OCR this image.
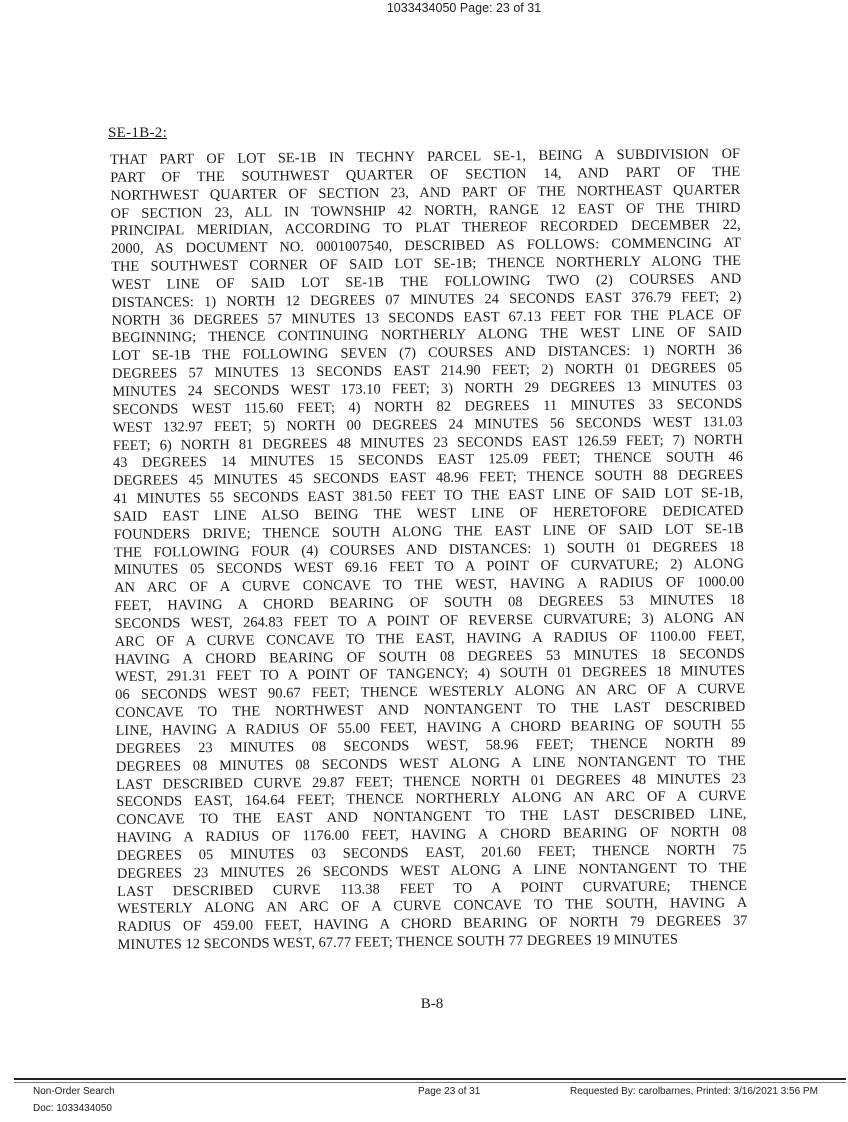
1033434050 Page: 23 of 31
SE-1B-2:
THAT PART OF LOT SE-1B IN TECHNY PARCEL SE-1, BEING A SUBDIVISION OF
PART OF THE SOUTHWEST QUARTER OF SECTION 14, AND PART OF THE
NORTHWEST QUARTER OF SECTION 23, AND PART OF THE NORTHEAST QUARTER
OF SECTION 23, ALL IN TOWNSHIP 42 NORTH, RANGE 12 EAST OF THE THIRD
PRINCIPAL MERIDIAN, ACCORDING TO PLAT THEREOF RECORDED DECEMBER 22,
2000, AS DOCUMENT NO. 0001007540, DESCRIBED AS FOLLOWS: COMMENCING AT
THE SOUTHWEST CORNER OF SAID LOT SE-1B; THENCE NORTHERLY ALONG THE
WEST LINE OF SAID LOT SE-1B THE FOLLOWING TWO (2) COURSES AND
DISTANCES: 1) NORTH 12 DEGREES 07 MINUTES 24 SECONDS EAST 376.79 FEET; 2)
NORTH 36 DEGREES 57 MINUTES 13 SECONDS EAST 67.13 FEET FOR THE PLACE OF
BEGINNING; THENCE CONTINUING NORTHERLY ALONG THE WEST LINE OF SAID
LOT SE-1B THE FOLLOWING SEVEN (7) COURSES AND DISTANCES: 1) NORTH 36
DEGREES 57 MINUTES 13 SECONDS EAST 214.90 FEET; 2) NORTH 01 DEGREES 05
MINUTES 24 SECONDS WEST 173.10 FEET; 3) NORTH 29 DEGREES 13 MINUTES 03
SECONDS WEST 115.60 FEET; 4) NORTH 82 DEGREES 11 MINUTES 33 SECONDS
WEST 132.97 FEET; 5) NORTH 00 DEGREES 24 MINUTES 56 SECONDS WEST 131.03
FEET; 6) NORTH 81 DEGREES 48 MINUTES 23 SECONDS EAST 126.59 FEET; 7) NORTH
43 DEGREES 14 MINUTES 15 SECONDS EAST 125.09 FEET; THENCE SOUTH 46
DEGREES 45 MINUTES 45 SECONDS EAST 48.96 FEET; THENCE SOUTH 88 DEGREES
41 MINUTES 55 SECONDS EAST 381.50 FEET TO THE EAST LINE OF SAID LOT SE-1B,
SAID EAST LINE ALSO BEING THE WEST LINE OF HERETOFORE DEDICATED
FOUNDERS DRIVE; THENCE SOUTH ALONG THE EAST LINE OF SAID LOT SE-1B
THE FOLLOWING FOUR (4) COURSES AND DISTANCES: 1) SOUTH 01 DEGREES 18
MINUTES 05 SECONDS WEST 69.16 FEET TO A POINT OF CURVATURE; 2) ALONG
AN ARC OF A CURVE CONCAVE TO THE WEST, HAVING A RADIUS OF 1000.00
FEET, HAVING A CHORD BEARING OF SOUTH 08 DEGREES 53 MINUTES 18
SECONDS WEST, 264.83 FEET TO A POINT OF REVERSE CURVATURE; 3) ALONG AN
ARC OF A CURVE CONCAVE TO THE EAST, HAVING A RADIUS OF 1100.00 FEET,
HAVING A CHORD BEARING OF SOUTH 08 DEGREES 53 MINUTES 18 SECONDS
WEST, 291.31 FEET TO A POINT OF TANGENCY; 4) SOUTH 01 DEGREES 18 MINUTES
06 SECONDS WEST 90.67 FEET; THENCE WESTERLY ALONG AN ARC OF A CURVE
CONCAVE TO THE NORTHWEST AND NONTANGENT TO THE LAST DESCRIBED
LINE, HAVING A RADIUS OF 55.00 FEET, HAVING A CHORD BEARING OF SOUTH 55
DEGREES 23 MINUTES 08 SECONDS WEST, 58.96 FEET; THENCE NORTH 89
DEGREES 08 MINUTES 08 SECONDS WEST ALONG A LINE NONTANGENT TO THE
LAST DESCRIBED CURVE 29.87 FEET; THENCE NORTH 01 DEGREES 48 MINUTES 23
SECONDS EAST, 164.64 FEET; THENCE NORTHERLY ALONG AN ARC OF A CURVE
CONCAVE TO THE EAST AND NONTANGENT TO THE LAST DESCRIBED LINE,
HAVING A RADIUS OF 1176.00 FEET, HAVING A CHORD BEARING OF NORTH 08
DEGREES 05 MINUTES 03 SECONDS EAST, 201.60 FEET; THENCE NORTH 75
DEGREES 23 MINUTES 26 SECONDS WEST ALONG A LINE NONTANGENT TO THE
LAST DESCRIBED CURVE 113.38 FEET TO A POINT CURVATURE; THENCE
WESTERLY ALONG AN ARC OF A CURVE CONCAVE TO THE SOUTH, HAVING A
RADIUS OF 459.00 FEET, HAVING A CHORD BEARING OF NORTH 79 DEGREES 37
MINUTES 12 SECONDS WEST, 67.77 FEET; THENCE SOUTH 77 DEGREES 19 MINUTES
B-8
Non-Order Search
Doc: 1033434050
Page 23 of 31	Requested By: carolbarnes, Printed: 3/16/2021 3:56 PM
